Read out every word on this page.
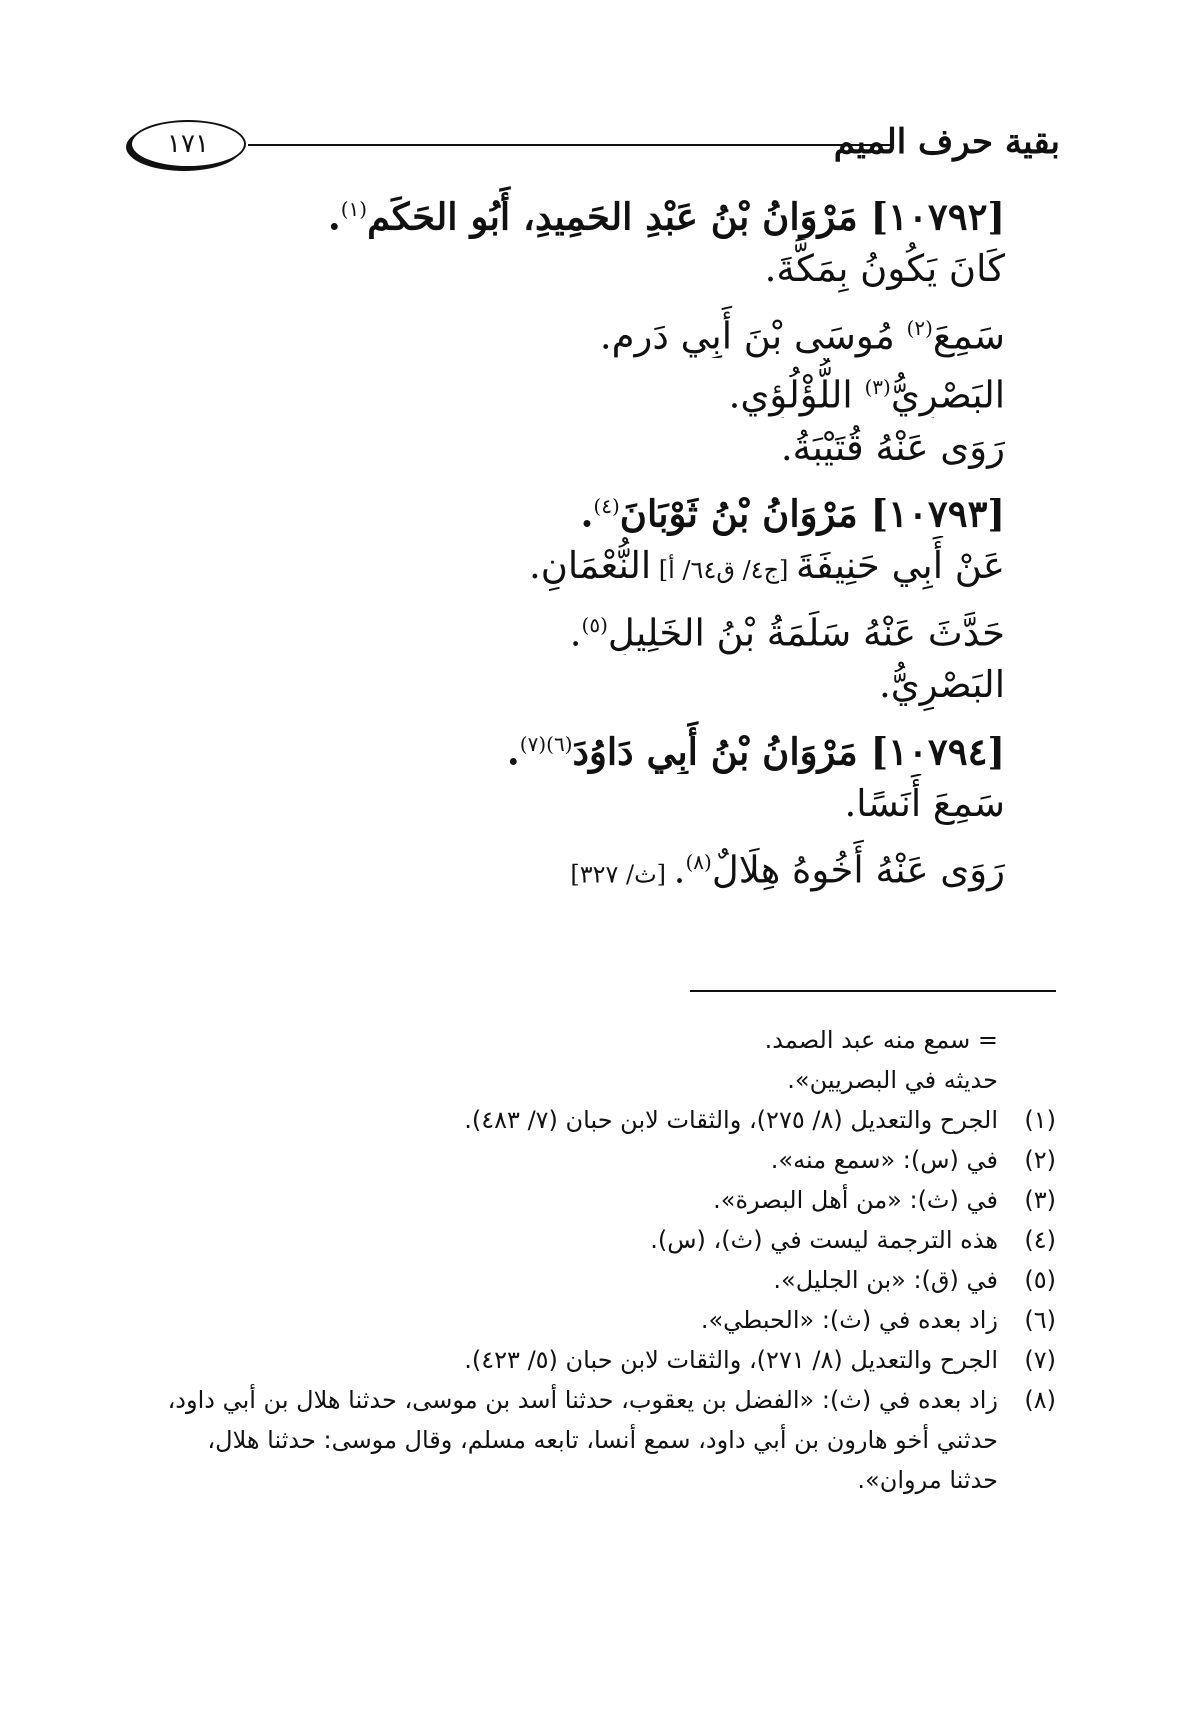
بقية حرف الميم
١٧١
[١٠٧٩٢] مَرْوَانُ بْنُ عَبْدِ الحَمِيدِ، أَبُو الحَكَمِ$^{(١)}$.
كَانَ يَكُونُ بِمَكَّةَ.
سَمِعَ$^{(٢)}$ مُوسَى بْنَ أَبِي دَرِمٍ.
البَصْرِيُّ$^{(٣)}$ اللُّؤْلُؤِي.
رَوَى عَنْهُ قُتَيْبَةُ.
[١٠٧٩٣] مَرْوَانُ بْنُ ثَوْبَانَ$^{(٤)}$.
عَنْ أَبِي حَنِيفَةَ [ج٤/ ق٦٤/ أ] النُّعْمَانِ.
حَدَّثَ عَنْهُ سَلَمَةُ بْنُ الخَلِيلِ$^{(٥)}$.
البَصْرِيُّ.
[١٠٧٩٤] مَرْوَانُ بْنُ أَبِي دَاوُدَ$^{(٦)(٧)}$.
سَمِعَ أَنَسًا.
رَوَى عَنْهُ أَخُوهُ هِلَالٌ$^{(٨)}$. [ث/ ٣٢٧]
= سمع منه عبد الصمد.
حديثه في البصريين».
(١)
الجرح والتعديل (٨/ ٢٧٥)، والثقات لابن حبان (٧/ ٤٨٣).
(٢)
في (س): «سمع منه».
(٣)
في (ث): «من أهل البصرة».
(٤)
هذه الترجمة ليست في (ث)، (س).
(٥)
في (ق): «بن الجليل».
(٦)
زاد بعده في (ث): «الحبطي».
(٧)
الجرح والتعديل (٨/ ٢٧١)، والثقات لابن حبان (٥/ ٤٢٣).
(٨)
زاد بعده في (ث): «الفضل بن يعقوب، حدثنا أسد بن موسى، حدثنا هلال بن أبي داود،
حدثني أخو هارون بن أبي داود، سمع أنسا، تابعه مسلم، وقال موسى: حدثنا هلال،
حدثنا مروان».
